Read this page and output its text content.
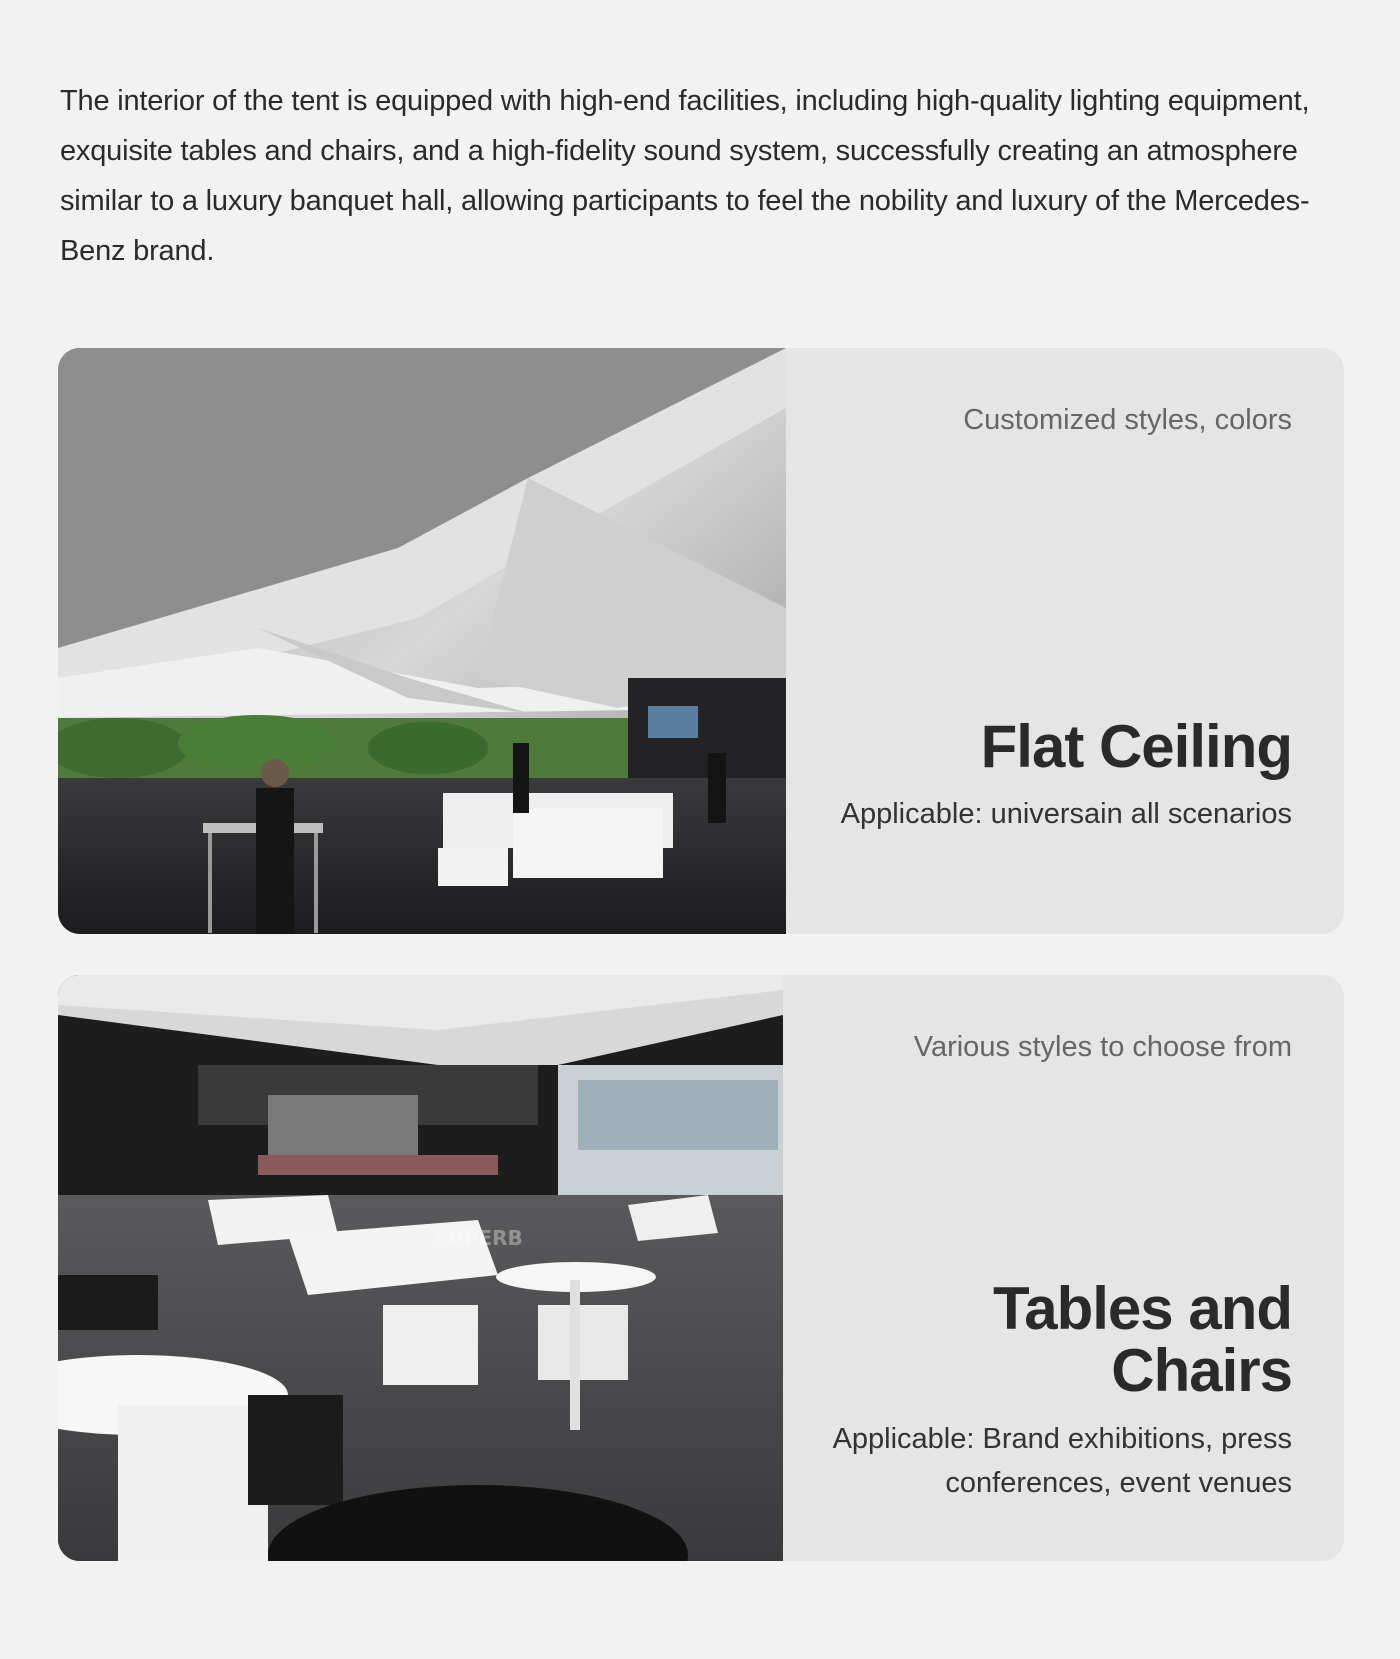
The interior of the tent is equipped with high-end facilities, including high-quality lighting equipment, exquisite tables and chairs, and a high-fidelity sound system, successfully creating an atmosphere similar to a luxury banquet hall, allowing participants to feel the nobility and luxury of the Mercedes-Benz brand.

Customized styles, colors
Flat Ceiling

Applicable: universain all scenarios

SUPERB
Various styles to choose from
Tables and Chairs

Applicable: Brand exhibitions, press conferences, event venues
